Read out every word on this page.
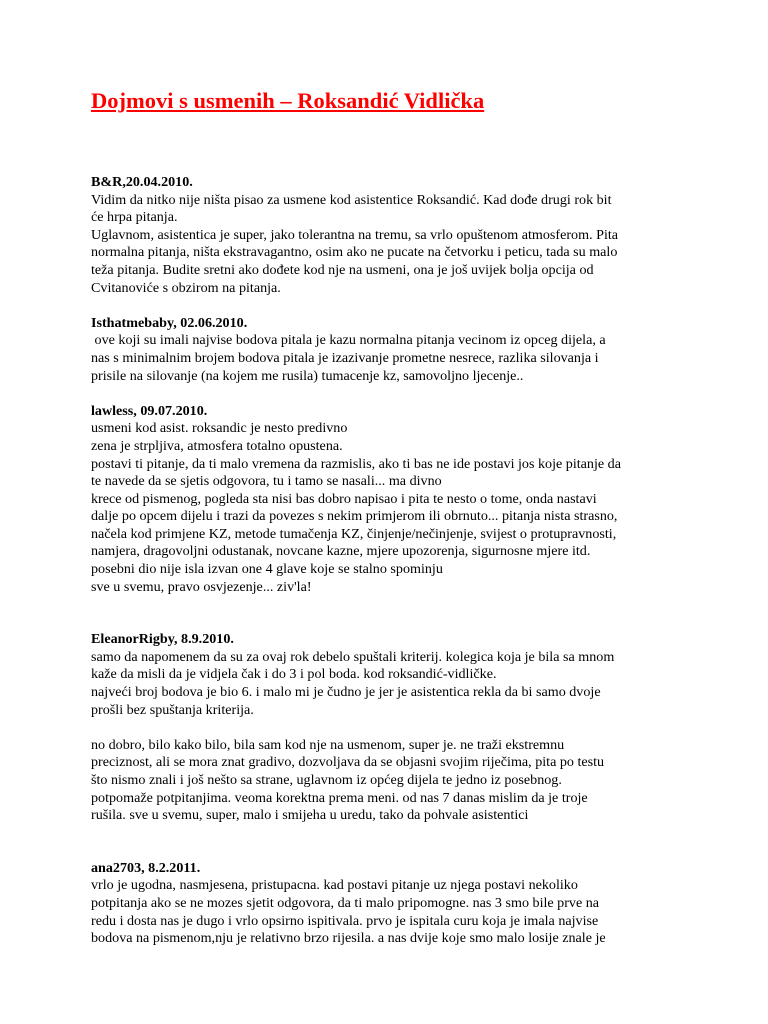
Dojmovi s usmenih – Roksandić Vidlička
B&R,20.04.2010.
Vidim da nitko nije ništa pisao za usmene kod asistentice Roksandić. Kad dođe drugi rok bit
će hrpa pitanja.
Uglavnom, asistentica je super, jako tolerantna na tremu, sa vrlo opuštenom atmosferom. Pita
normalna pitanja, ništa ekstravagantno, osim ako ne pucate na četvorku i peticu, tada su malo
teža pitanja. Budite sretni ako dođete kod nje na usmeni, ona je još uvijek bolja opcija od
Cvitanoviće s obzirom na pitanja.
Isthatmebaby, 02.06.2010.
ove koji su imali najvise bodova pitala je kazu normalna pitanja vecinom iz opceg dijela, a
nas s minimalnim brojem bodova pitala je izazivanje prometne nesrece, razlika silovanja i
prisile na silovanje (na kojem me rusila) tumacenje kz, samovoljno ljecenje..
lawless, 09.07.2010.
usmeni kod asist. roksandic je nesto predivno
zena je strpljiva, atmosfera totalno opustena.
postavi ti pitanje, da ti malo vremena da razmislis, ako ti bas ne ide postavi jos koje pitanje da
te navede da se sjetis odgovora, tu i tamo se nasali... ma divno
krece od pismenog, pogleda sta nisi bas dobro napisao i pita te nesto o tome, onda nastavi
dalje po opcem dijelu i trazi da povezes s nekim primjerom ili obrnuto... pitanja nista strasno,
načela kod primjene KZ, metode tumačenja KZ, činjenje/nečinjenje, svijest o protupravnosti,
namjera, dragovoljni odustanak, novcane kazne, mjere upozorenja, sigurnosne mjere itd.
posebni dio nije isla izvan one 4 glave koje se stalno spominju
sve u svemu, pravo osvjezenje... ziv'la!
EleanorRigby, 8.9.2010.
samo da napomenem da su za ovaj rok debelo spuštali kriterij. kolegica koja je bila sa mnom
kaže da misli da je vidjela čak i do 3 i pol boda. kod roksandić-vidličke.
najveći broj bodova je bio 6. i malo mi je čudno je jer je asistentica rekla da bi samo dvoje
prošli bez spuštanja kriterija.
no dobro, bilo kako bilo, bila sam kod nje na usmenom, super je. ne traži ekstremnu
preciznost, ali se mora znat gradivo, dozvoljava da se objasni svojim riječima, pita po testu
što nismo znali i još nešto sa strane, uglavnom iz općeg dijela te jedno iz posebnog.
potpomaže potpitanjima. veoma korektna prema meni. od nas 7 danas mislim da je troje
rušila. sve u svemu, super, malo i smijeha u uredu, tako da pohvale asistentici
ana2703, 8.2.2011.
vrlo je ugodna, nasmjesena, pristupacna. kad postavi pitanje uz njega postavi nekoliko
potpitanja ako se ne mozes sjetit odgovora, da ti malo pripomogne. nas 3 smo bile prve na
redu i dosta nas je dugo i vrlo opsirno ispitivala. prvo je ispitala curu koja je imala najvise
bodova na pismenom,nju je relativno brzo rijesila. a nas dvije koje smo malo losije znale je
